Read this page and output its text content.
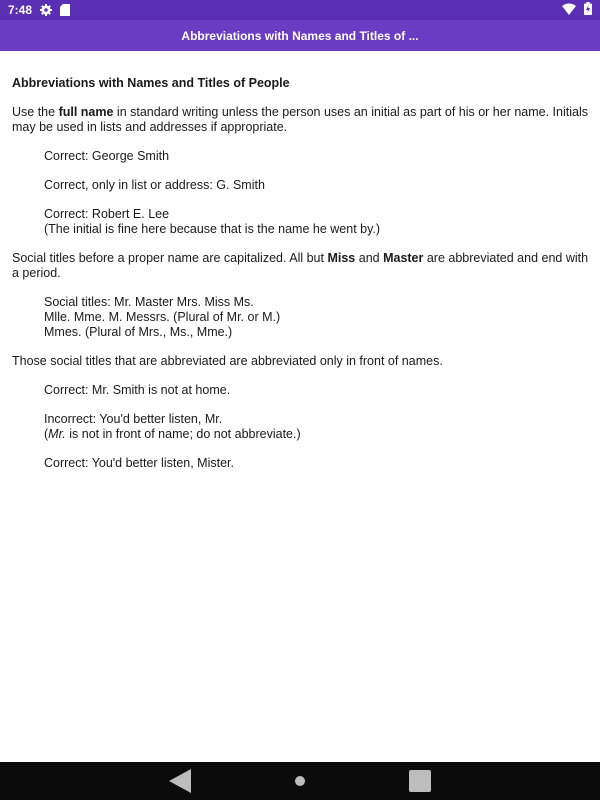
7:48
Abbreviations with Names and Titles of ...

Abbreviations with Names and Titles of People

Use the full name in standard writing unless the person uses an initial as part of his or her name. Initials may be used in lists and addresses if appropriate.

Correct: George Smith

Correct, only in list or address: G. Smith

Correct: Robert E. Lee
(The initial is fine here because that is the name he went by.)

Social titles before a proper name are capitalized. All but Miss and Master are abbreviated and end with a period.

Social titles: Mr. Master Mrs. Miss Ms.
Mlle. Mme. M. Messrs. (Plural of Mr. or M.)
Mmes. (Plural of Mrs., Ms., Mme.)

Those social titles that are abbreviated are abbreviated only in front of names.

Correct: Mr. Smith is not at home.

Incorrect: You'd better listen, Mr.
(Mr. is not in front of name; do not abbreviate.)

Correct: You'd better listen, Mister.
